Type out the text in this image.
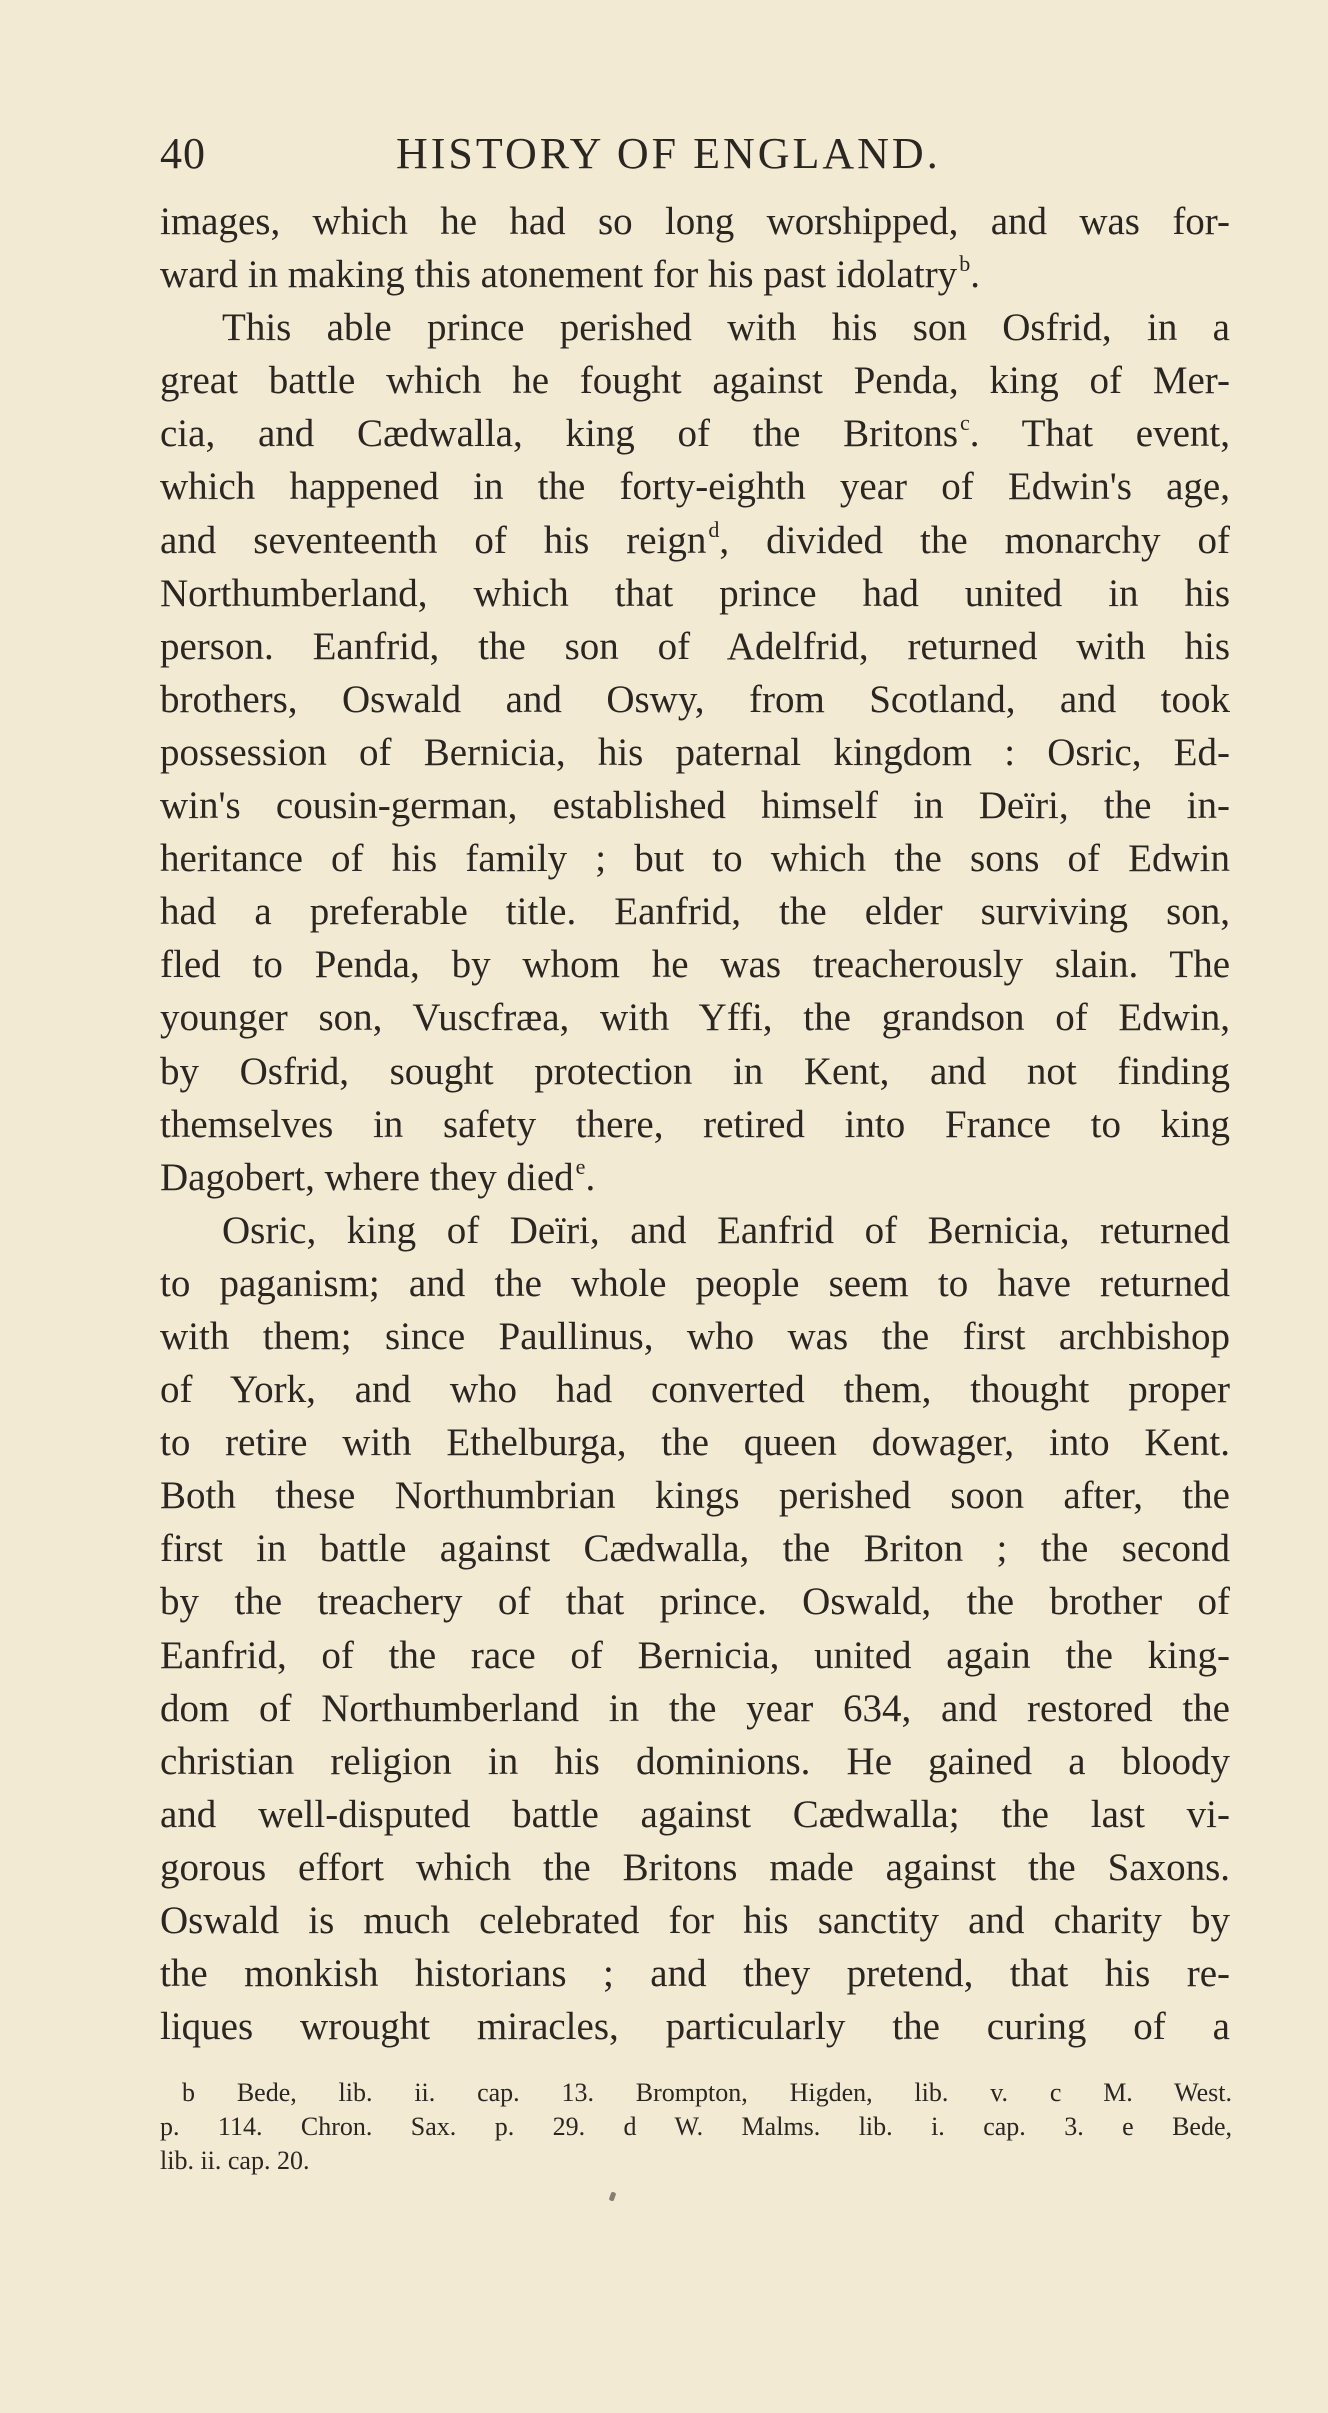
40	HISTORY OF ENGLAND.
images, which he had so long worshipped, and was for-
ward in making this atonement for his past idolatry$^b$.
This able prince perished with his son Osfrid, in a
great battle which he fought against Penda, king of Mer-
cia, and Cædwalla, king of the Britons$^c$. That event,
which happened in the forty-eighth year of Edwin's age,
and seventeenth of his reign$^d$, divided the monarchy of
Northumberland, which that prince had united in his
person. Eanfrid, the son of Adelfrid, returned with his
brothers, Oswald and Oswy, from Scotland, and took
possession of Bernicia, his paternal kingdom : Osric, Ed-
win's cousin-german, established himself in Deïri, the in-
heritance of his family ; but to which the sons of Edwin
had a preferable title. Eanfrid, the elder surviving son,
fled to Penda, by whom he was treacherously slain. The
younger son, Vuscfræa, with Yffi, the grandson of Edwin,
by Osfrid, sought protection in Kent, and not finding
themselves in safety there, retired into France to king
Dagobert, where they died$^e$.
Osric, king of Deïri, and Eanfrid of Bernicia, returned
to paganism; and the whole people seem to have returned
with them; since Paullinus, who was the first archbishop
of York, and who had converted them, thought proper
to retire with Ethelburga, the queen dowager, into Kent.
Both these Northumbrian kings perished soon after, the
first in battle against Cædwalla, the Briton ; the second
by the treachery of that prince. Oswald, the brother of
Eanfrid, of the race of Bernicia, united again the king-
dom of Northumberland in the year 634, and restored the
christian religion in his dominions. He gained a bloody
and well-disputed battle against Cædwalla; the last vi-
gorous effort which the Britons made against the Saxons.
Oswald is much celebrated for his sanctity and charity by
the monkish historians ; and they pretend, that his re-
liques wrought miracles, particularly the curing of a
b Bede, lib. ii. cap. 13. Brompton, Higden, lib. v. c M. West.
p. 114. Chron. Sax. p. 29. d W. Malms. lib. i. cap. 3. e Bede,
lib. ii. cap. 20.
